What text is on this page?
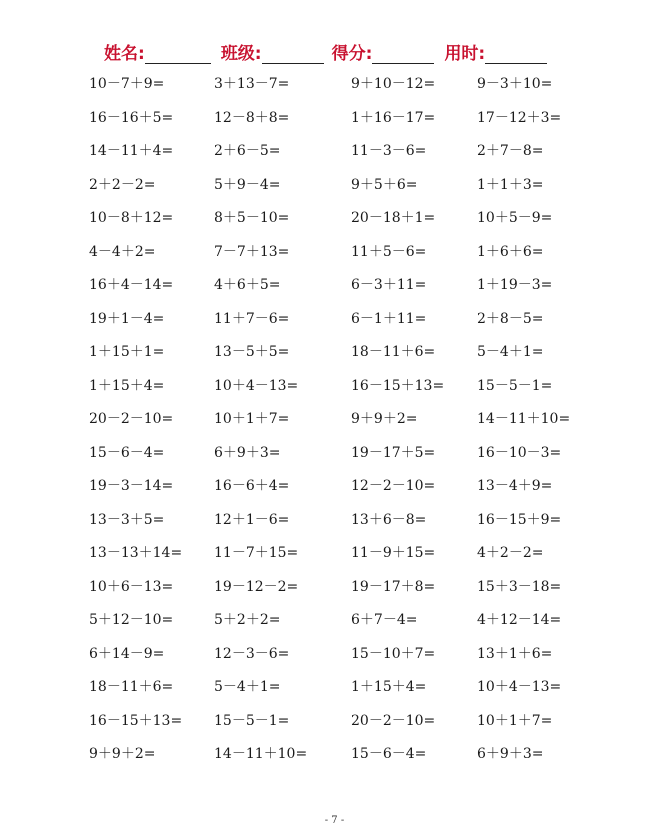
姓名:	班级:	得分:	用时:
10－7＋9=	3＋13－7=	9＋10－12=	9－3＋10=
16－16＋5=	12－8＋8=	1＋16－17=	17－12＋3=
14－11＋4=	2＋6－5=	11－3－6=	2＋7－8=
2＋2－2=	5＋9－4=	9＋5＋6=	1＋1＋3=
10－8＋12=	8＋5－10=	20－18＋1=	10＋5－9=
4－4＋2=	7－7＋13=	11＋5－6=	1＋6＋6=
16＋4－14=	4＋6＋5=	6－3＋11=	1＋19－3=
19＋1－4=	11＋7－6=	6－1＋11=	2＋8－5=
1＋15＋1=	13－5＋5=	18－11＋6=	5－4＋1=
1＋15＋4=	10＋4－13=	16－15＋13=	15－5－1=
20－2－10=	10＋1＋7=	9＋9＋2=	14－11＋10=
15－6－4=	6＋9＋3=	19－17＋5=	16－10－3=
19－3－14=	16－6＋4=	12－2－10=	13－4＋9=
13－3＋5=	12＋1－6=	13＋6－8=	16－15＋9=
13－13＋14=	11－7＋15=	11－9＋15=	4＋2－2=
10＋6－13=	19－12－2=	19－17＋8=	15＋3－18=
5＋12－10=	5＋2＋2=	6＋7－4=	4＋12－14=
6＋14－9=	12－3－6=	15－10＋7=	13＋1＋6=
18－11＋6=	5－4＋1=	1＋15＋4=	10＋4－13=
16－15＋13=	15－5－1=	20－2－10=	10＋1＋7=
9＋9＋2=	14－11＋10=	15－6－4=	6＋9＋3=
- 7 -
